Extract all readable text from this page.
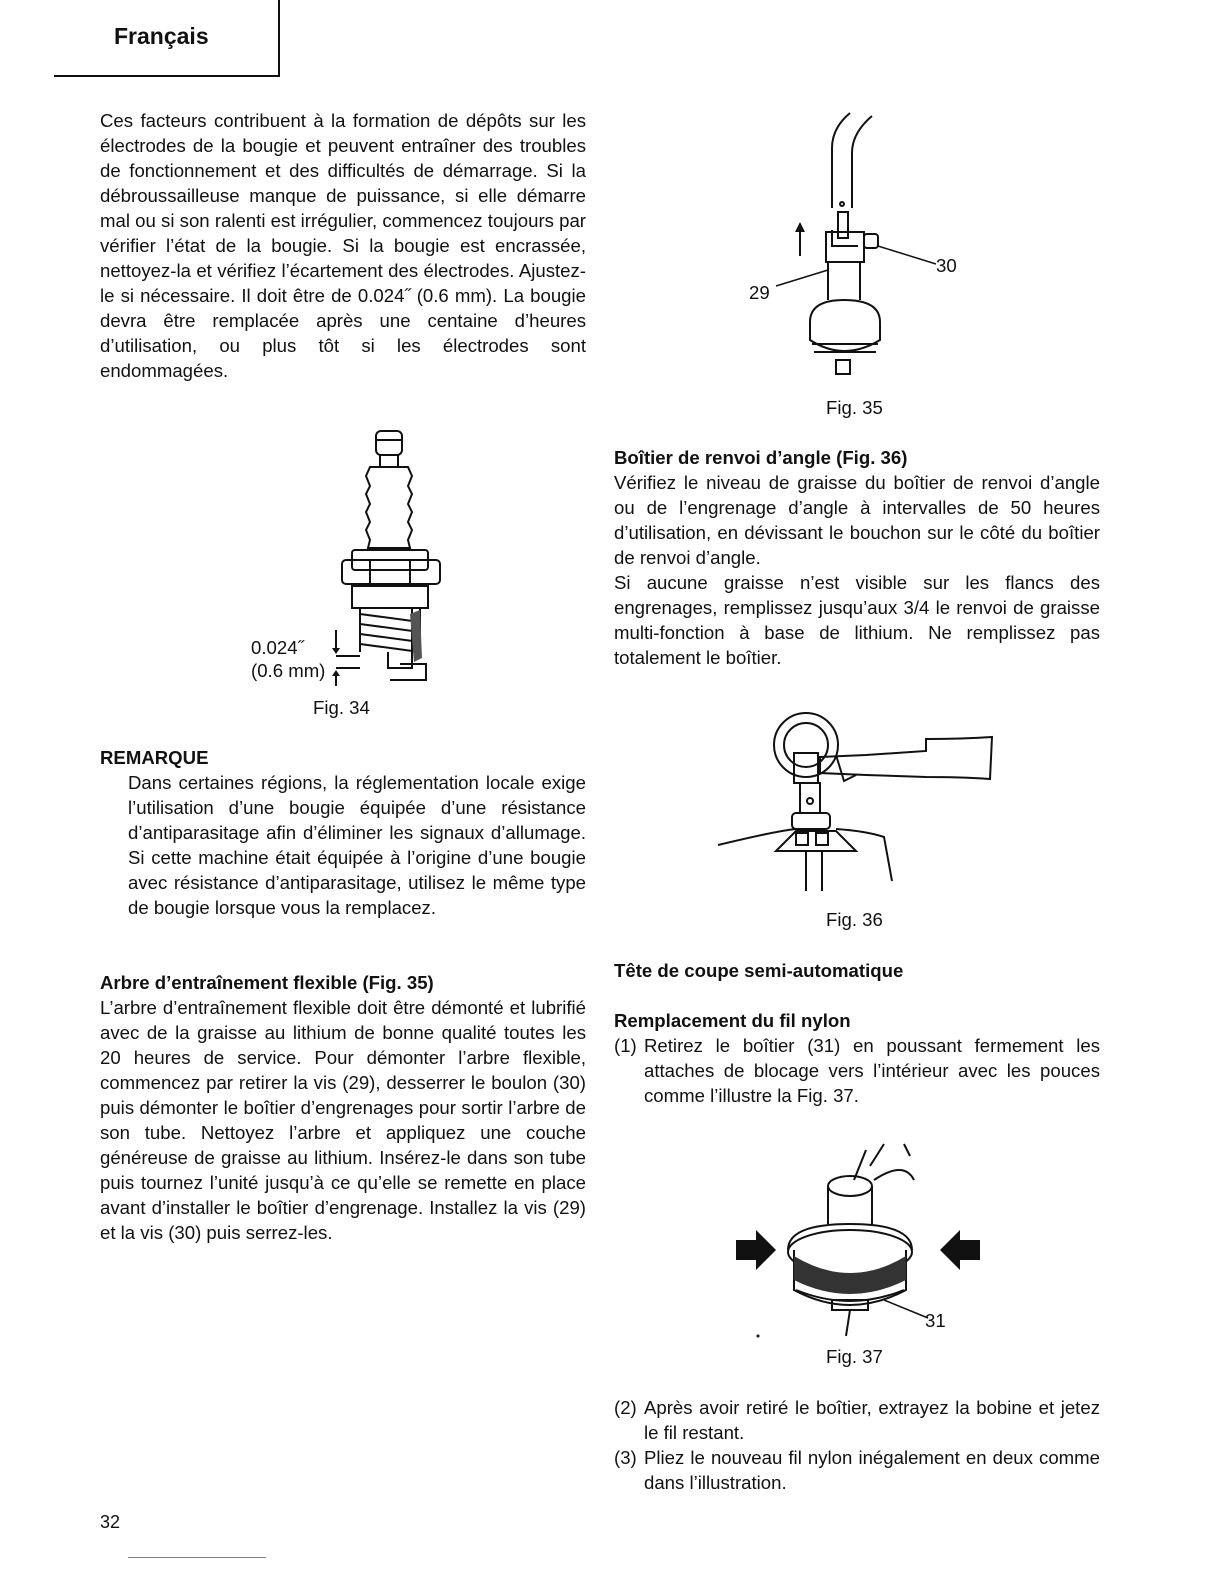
Français

Ces facteurs contribuent à la formation de dépôts sur les électrodes de la bougie et peuvent entraîner des troubles de fonctionnement et des difficultés de démarrage. Si la débroussailleuse manque de puissance, si elle démarre mal ou si son ralenti est irrégulier, commencez toujours par vérifier l’état de la bougie. Si la bougie est encrassée, nettoyez-la et vérifiez l’écartement des électrodes. Ajustez-le si nécessaire. Il doit être de 0.024˝ (0.6 mm). La bougie devra être remplacée après une centaine d’heures d’utilisation, ou plus tôt si les électrodes sont endommagées.

0.024˝
(0.6 mm)
Fig. 34

REMARQUE

Dans certaines régions, la réglementation locale exige l’utilisation d’une bougie équipée d’une résistance d’antiparasitage afin d’éliminer les signaux d’allumage. Si cette machine était équipée à l’origine d’une bougie avec résistance d’antiparasitage, utilisez le même type de bougie lorsque vous la remplacez.

Arbre d’entraînement flexible (Fig. 35)

L’arbre d’entraînement flexible doit être démonté et lubrifié avec de la graisse au lithium de bonne qualité toutes les 20 heures de service. Pour démonter l’arbre flexible, commencez par retirer la vis (29), desserrer le boulon (30) puis démonter le boîtier d’engrenages pour sortir l’arbre de son tube. Nettoyez l’arbre et appliquez une couche généreuse de graisse au lithium. Insérez-le dans son tube puis tournez l’unité jusqu’à ce qu’elle se remette en place avant d’installer le boîtier d’engrenage. Installez la vis (29) et la vis (30) puis serrez-les.

30
29
Fig. 35

Boîtier de renvoi d’angle (Fig. 36)

Vérifiez le niveau de graisse du boîtier de renvoi d’angle ou de l’engrenage d’angle à intervalles de 50 heures d’utilisation, en dévissant le bouchon sur le côté du boîtier de renvoi d’angle.

Si aucune graisse n’est visible sur les flancs des engrenages, remplissez jusqu’aux 3/4 le renvoi de graisse multi-fonction à base de lithium. Ne remplissez pas totalement le boîtier.

Fig. 36

Tête de coupe semi-automatique

Remplacement du fil nylon

(1) Retirez le boîtier (31) en poussant fermement les attaches de blocage vers l’intérieur avec les pouces comme l’illustre la Fig. 37.
31
Fig. 37
(2) Après avoir retiré le boîtier, extrayez la bobine et jetez le fil restant.
(3) Pliez le nouveau fil nylon inégalement en deux comme dans l’illustration.
32
